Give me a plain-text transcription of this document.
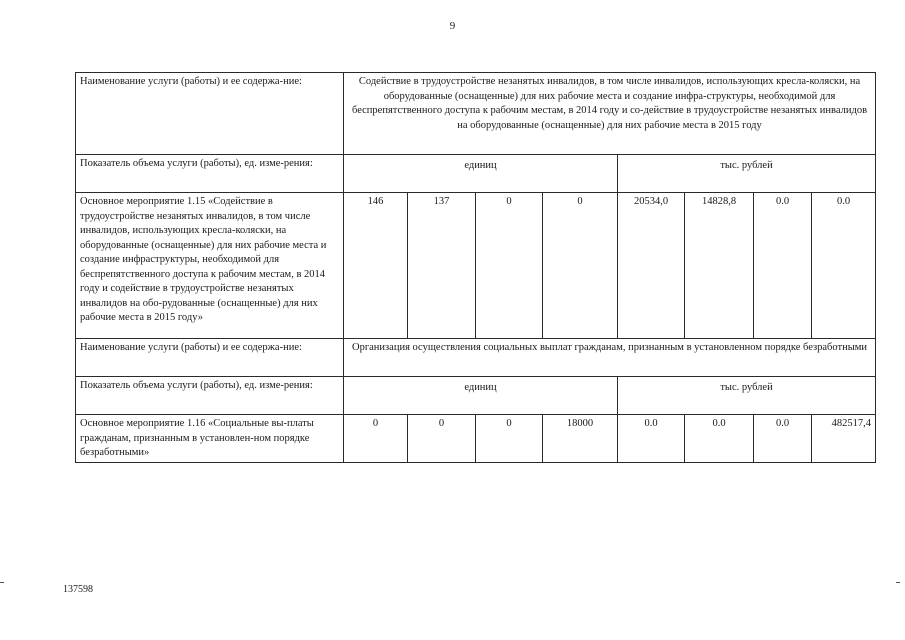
9
Наименование услуги (работы) и ее содержа-ние:	Содействие в трудоустройстве незанятых инвалидов, в том числе инвалидов, использующих кресла-коляски, на оборудованные (оснащенные) для них рабочие места и создание инфра-структуры, необходимой для беспрепятственного доступа к рабочим местам, в 2014 году и со-действие в трудоустройстве незанятых инвалидов на оборудованные (оснащенные) для них рабочие места в 2015 году							
Показатель объема услуги (работы), ед. изме-рения:	единиц				тыс. рублей			
Основное мероприятие 1.15 «Содействие в трудоустройстве незанятых инвалидов, в том числе инвалидов, использующих кресла-коляски, на оборудованные (оснащенные) для них рабочие места и создание инфраструктуры, необходимой для беспрепятственного доступа к рабочим местам, в 2014 году и содействие в трудоустройстве незанятых инвалидов на обо-рудованные (оснащенные) для них рабочие места в 2015 году»	146	137	0	0	20534,0	14828,8	0.0	0.0
Наименование услуги (работы) и ее содержа-ние:	Организация осуществления социальных выплат гражданам, признанным в установленном порядке безработными							
Показатель объема услуги (работы), ед. изме-рения:	единиц				тыс. рублей			
Основное мероприятие 1.16 «Социальные вы-платы гражданам, признанным в установлен-ном порядке безработными»	0	0	0	18000	0.0	0.0	0.0	482517,4
137598
